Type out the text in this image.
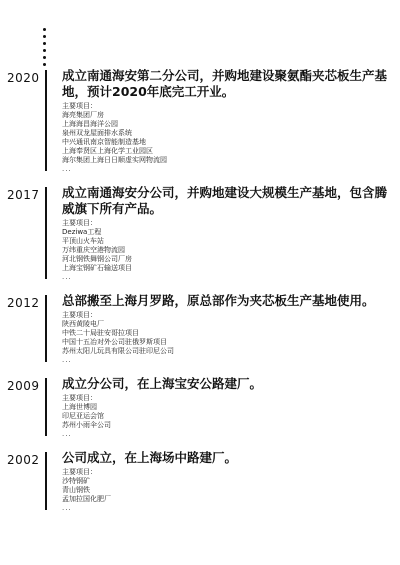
2020 成立南通海安第二分公司，并购地建设聚氨酯夹芯板生产基地，预计2020年底完工开业。
主要项目：
海亮集团厂房
上海海昌海洋公园
泉州双龙屋面排水系统
中兴通讯南京智能制造基地
上海奉贤区上海化学工业园区
海尔集团上海日日顺虚实网物流园
...
2017 成立南通海安分公司，并购地建设大规模生产基地，包含腾威旗下所有产品。
主要项目：
Deziwa工程
平顶山火车站
万纬重庆空港物流园
河北钢铁舞钢公司厂房
上海宝钢矿石输送项目
...
2012 总部搬至上海月罗路，原总部作为夹芯板生产基地使用。
主要项目：
陕西黄陵电厂
中铁二十局驻安哥拉项目
中国十五冶对外公司驻俄罗斯项目
苏州太阳儿玩具有限公司驻印尼公司
...
2009 成立分公司，在上海宝安公路建厂。
主要项目：
上海世博园
印尼亚运会馆
苏州小雨伞公司
...
2002 公司成立，在上海场中路建厂。
主要项目：
沙特钢矿
青山钢铁
孟加拉国化肥厂
...
